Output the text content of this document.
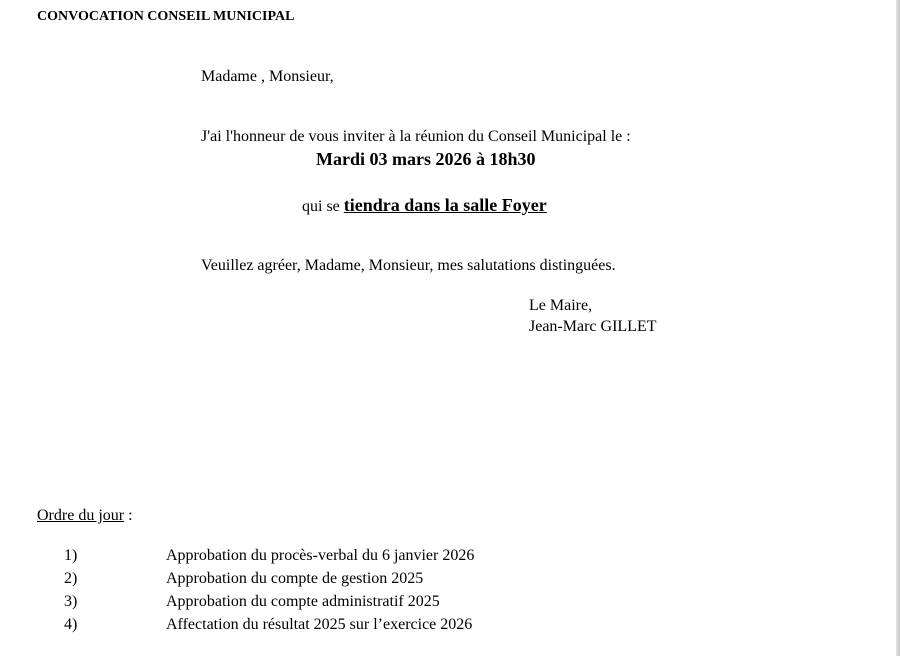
CONVOCATION CONSEIL MUNICIPAL
Madame , Monsieur,
J'ai l'honneur de vous inviter à la réunion du Conseil Municipal le :
Mardi 03 mars 2026 à 18h30
qui se tiendra dans la salle Foyer
Veuillez agréer, Madame, Monsieur, mes salutations distinguées.
Le Maire,
Jean-Marc GILLET
Ordre du jour :
1)	Approbation du procès-verbal du 6 janvier 2026
2)	Approbation du compte de gestion 2025
3)	Approbation du compte administratif 2025
4)	Affectation du résultat 2025 sur l’exercice 2026
